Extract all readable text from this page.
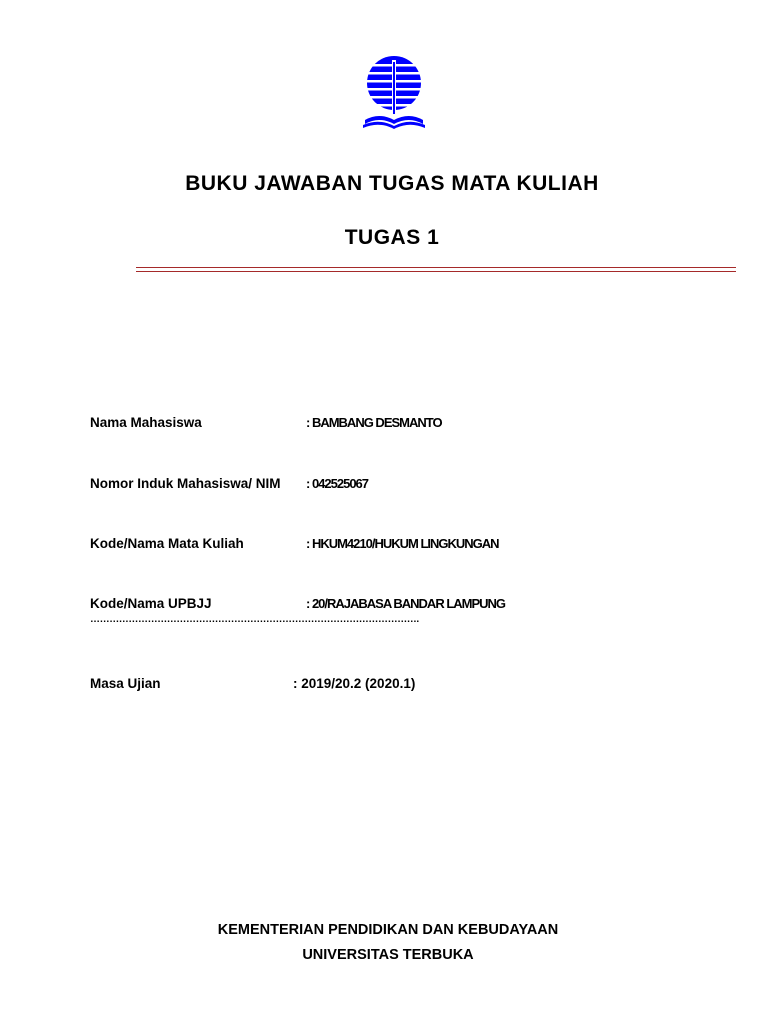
BUKU JAWABAN TUGAS MATA KULIAH
TUGAS 1
Nama Mahasiswa	: BAMBANG DESMANTO
Nomor Induk Mahasiswa/ NIM : 042525067
Kode/Nama Mata Kuliah	: HKUM4210/HUKUM LINGKUNGAN
Kode/Nama UPBJJ	: 20/RAJABASA BANDAR LAMPUNG
………………………………………………………………………………………….
Masa Ujian	: 2019/20.2 (2020.1)
KEMENTERIAN PENDIDIKAN DAN KEBUDAYAAN
UNIVERSITAS TERBUKA
